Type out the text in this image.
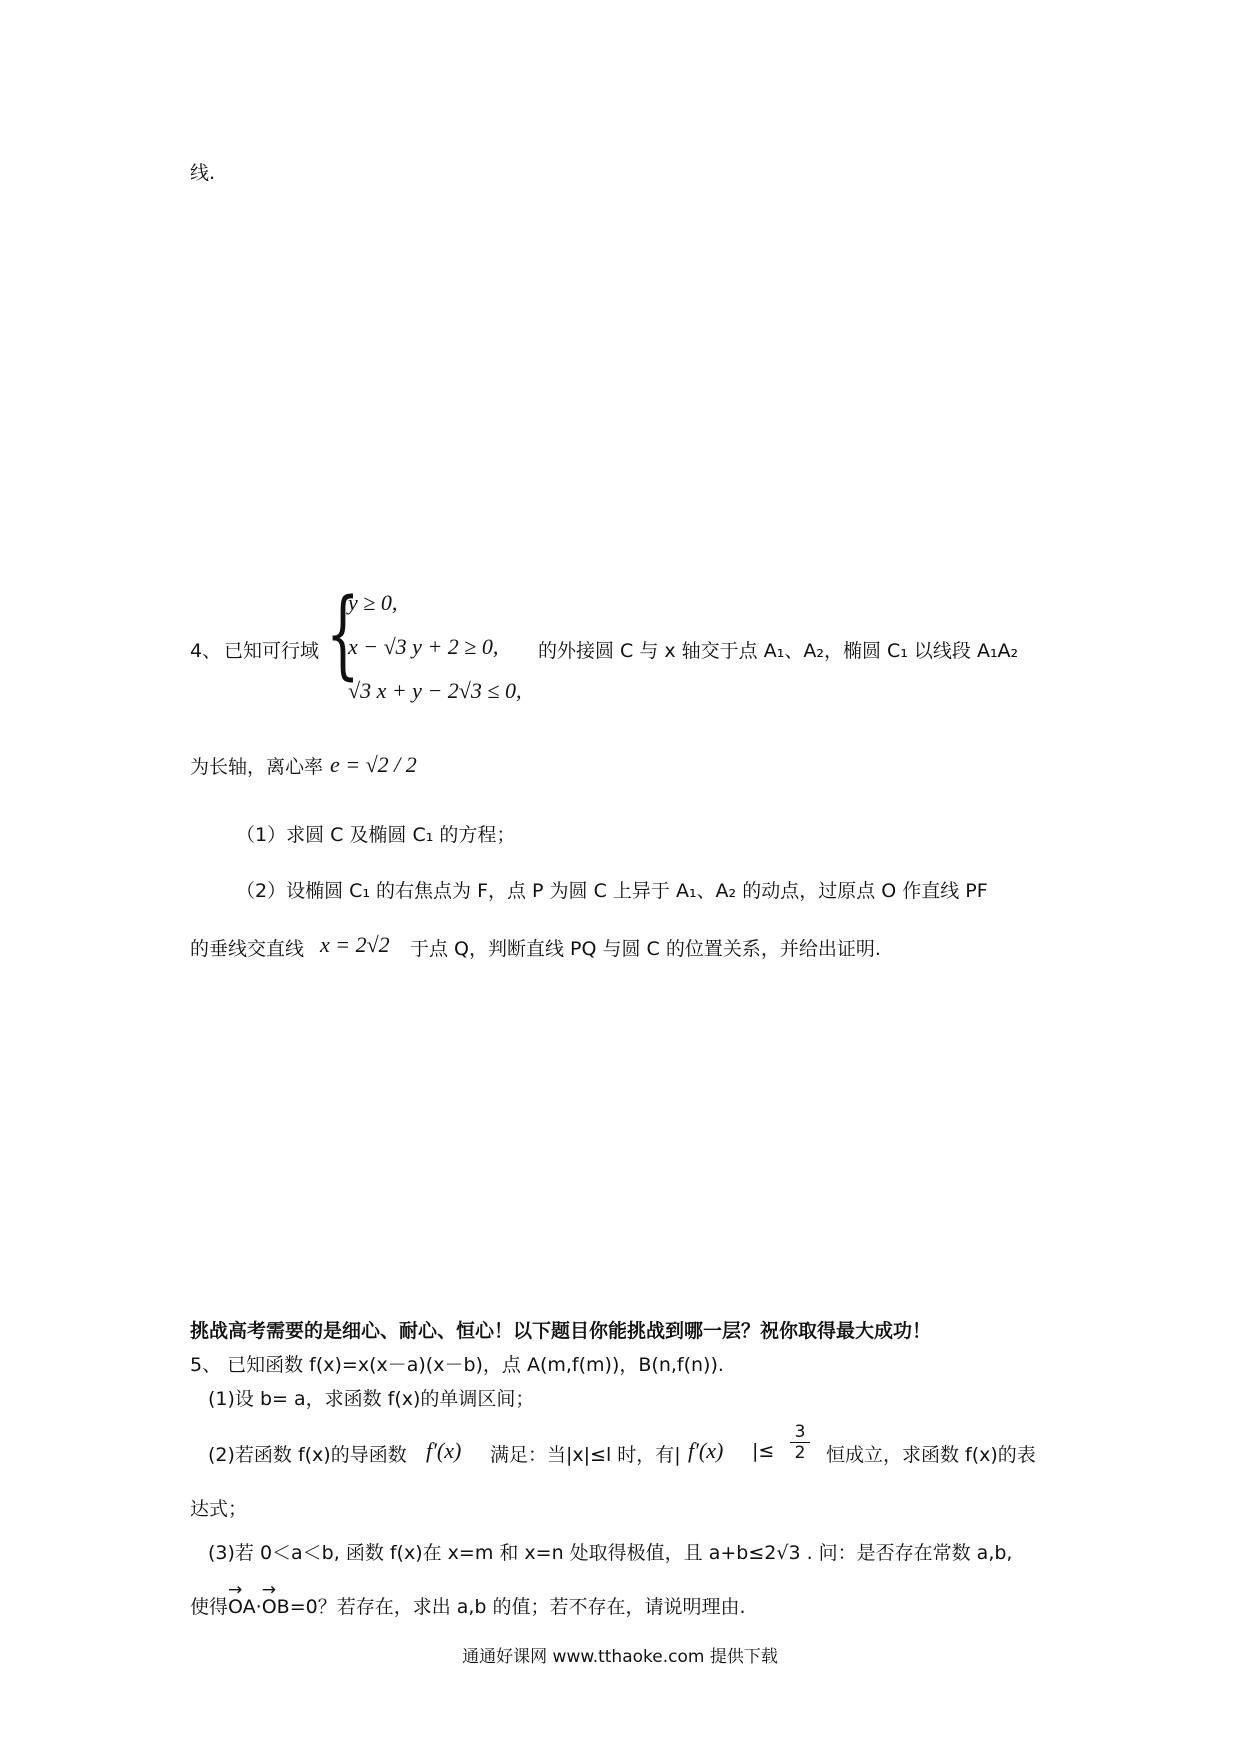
线.
4、 已知可行域 {
y ≥ 0,
x − √3 y + 2 ≥ 0,
√3 x + y − 2√3 ≤ 0,
的外接圆 C 与 x 轴交于点 A₁、A₂，椭圆 C₁ 以线段 A₁A₂
为长轴，离心率 e = √2 / 2
（1）求圆 C 及椭圆 C₁ 的方程；
（2）设椭圆 C₁ 的右焦点为 F，点 P 为圆 C 上异于 A₁、A₂ 的动点，过原点 O 作直线 PF
的垂线交直线 x = 2√2 于点 Q，判断直线 PQ 与圆 C 的位置关系，并给出证明.
挑战高考需要的是细心、耐心、恒心！以下题目你能挑战到哪一层？祝你取得最大成功！
5、 已知函数 f(x)=x(x－a)(x－b)，点 A(m,f(m))，B(n,f(n)).
(1)设 b= a，求函数 f(x)的单调区间；
(2)若函数 f(x)的导函数 f′(x) 满足：当|x|≤l 时，有| f′(x) |≤ $\frac{3}{2}$ 恒成立，求函数 f(x)的表
达式；
(3)若 0＜a＜b, 函数 f(x)在 x=m 和 x=n 处取得极值，且 a+b≤2√3 . 问：是否存在常数 a,b,
使得→ OA·→ OB=0？若存在，求出 a,b 的值；若不存在，请说明理由.
通通好课网 www.tthaoke.com 提供下载
